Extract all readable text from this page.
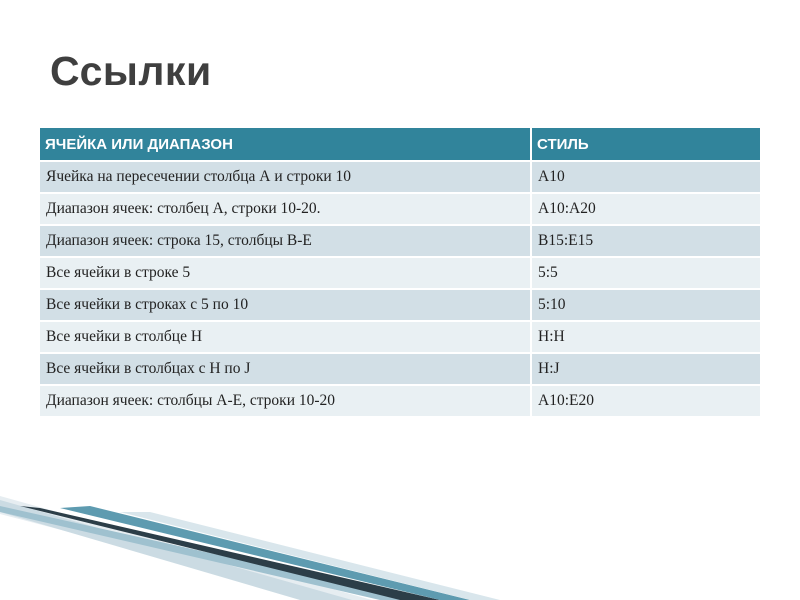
Ссылки
ЯЧЕЙКА ИЛИ ДИАПАЗОН	СТИЛЬ
Ячейка на пересечении столбца А и строки 10	A10
Диапазон ячеек: столбец А, строки 10-20.	A10:A20
Диапазон ячеек: строка 15, столбцы B-E	B15:E15
Все ячейки в строке 5	5:5
Все ячейки в строках с 5 по 10	5:10
Все ячейки в столбце H	H:H
Все ячейки в столбцах с H по J	H:J
Диапазон ячеек: столбцы А-E, строки 10-20	A10:E20
